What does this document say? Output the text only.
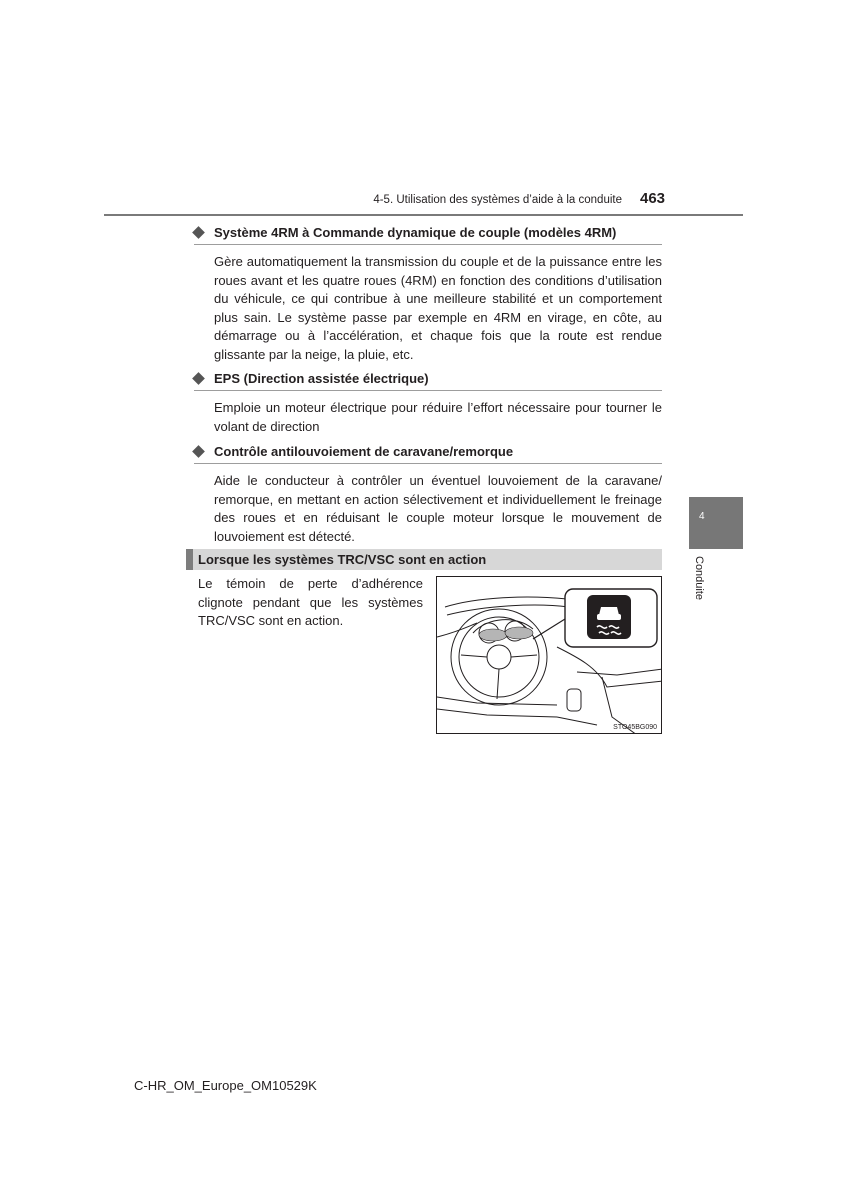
4-5. Utilisation des systèmes d’aide à la conduite 463
Système 4RM à Commande dynamique de couple (modèles 4RM)
Gère automatiquement la transmission du couple et de la puissance entre les roues avant et les quatre roues (4RM) en fonction des conditions d’utilisation du véhicule, ce qui contribue à une meilleure stabilité et un comportement plus sain. Le système passe par exemple en 4RM en virage, en côte, au démarrage ou à l’accélération, et chaque fois que la route est rendue glissante par la neige, la pluie, etc.
EPS (Direction assistée électrique)
Emploie un moteur électrique pour réduire l’effort nécessaire pour tourner le volant de direction
Contrôle antilouvoiement de caravane/remorque
Aide le conducteur à contrôler un éventuel louvoiement de la caravane/ remorque, en mettant en action sélectivement et individuellement le freinage des roues et en réduisant le couple moteur lorsque le mouvement de louvoiement est détecté.
Lorsque les systèmes TRC/VSC sont en action
Le témoin de perte d’adhérence clignote pendant que les systèmes TRC/VSC sont en action.
STO45BG090
4
Conduite
C-HR_OM_Europe_OM10529K
